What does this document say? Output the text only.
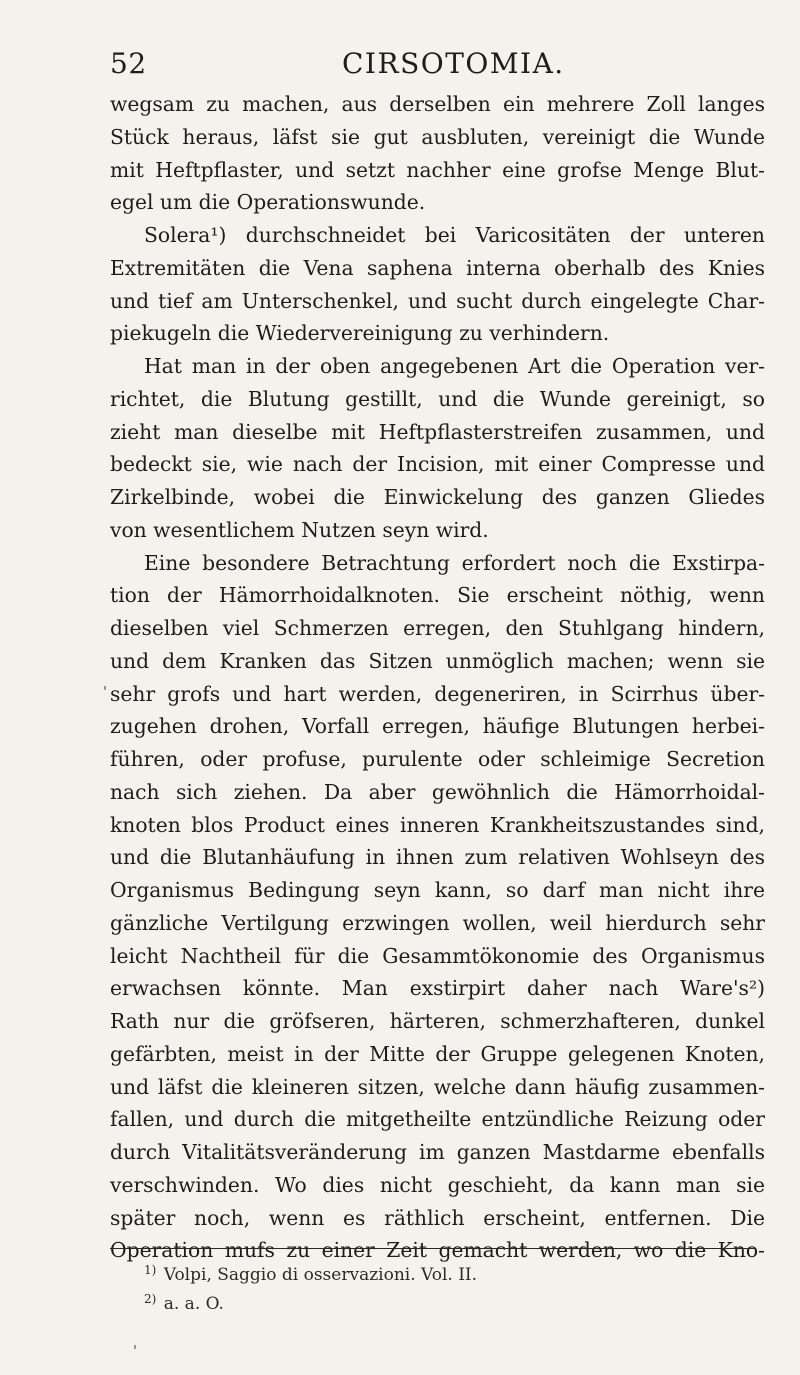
52	CIRSOTOMIA.
wegsam zu machen, aus derselben ein mehrere Zoll langes
Stück heraus, läfst sie gut ausbluten, vereinigt die Wunde
mit Heftpflaster, und setzt nachher eine grofse Menge Blut-
egel um die Operationswunde.
Solera¹) durchschneidet bei Varicositäten der unteren
Extremitäten die Vena saphena interna oberhalb des Knies
und tief am Unterschenkel, und sucht durch eingelegte Char-
piekugeln die Wiedervereinigung zu verhindern.
Hat man in der oben angegebenen Art die Operation ver-
richtet, die Blutung gestillt, und die Wunde gereinigt, so
zieht man dieselbe mit Heftpflasterstreifen zusammen, und
bedeckt sie, wie nach der Incision, mit einer Compresse und
Zirkelbinde, wobei die Einwickelung des ganzen Gliedes
von wesentlichem Nutzen seyn wird.
Eine besondere Betrachtung erfordert noch die Exstirpa-
tion der Hämorrhoidalknoten. Sie erscheint nöthig, wenn
dieselben viel Schmerzen erregen, den Stuhlgang hindern,
und dem Kranken das Sitzen unmöglich machen; wenn sie
sehr grofs und hart werden, degeneriren, in Scirrhus über-
zugehen drohen, Vorfall erregen, häufige Blutungen herbei-
führen, oder profuse, purulente oder schleimige Secretion
nach sich ziehen. Da aber gewöhnlich die Hämorrhoidal-
knoten blos Product eines inneren Krankheitszustandes sind,
und die Blutanhäufung in ihnen zum relativen Wohlseyn des
Organismus Bedingung seyn kann, so darf man nicht ihre
gänzliche Vertilgung erzwingen wollen, weil hierdurch sehr
leicht Nachtheil für die Gesammtökonomie des Organismus
erwachsen könnte. Man exstirpirt daher nach Ware's²)
Rath nur die gröfseren, härteren, schmerzhafteren, dunkel
gefärbten, meist in der Mitte der Gruppe gelegenen Knoten,
und läfst die kleineren sitzen, welche dann häufig zusammen-
fallen, und durch die mitgetheilte entzündliche Reizung oder
durch Vitalitätsveränderung im ganzen Mastdarme ebenfalls
verschwinden. Wo dies nicht geschieht, da kann man sie
später noch, wenn es räthlich erscheint, entfernen. Die
Operation mufs zu einer Zeit gemacht werden, wo die Kno-
$^{1)}$ Volpi, Saggio di osservazioni. Vol. II.
$^{2)}$ a. a. O.
